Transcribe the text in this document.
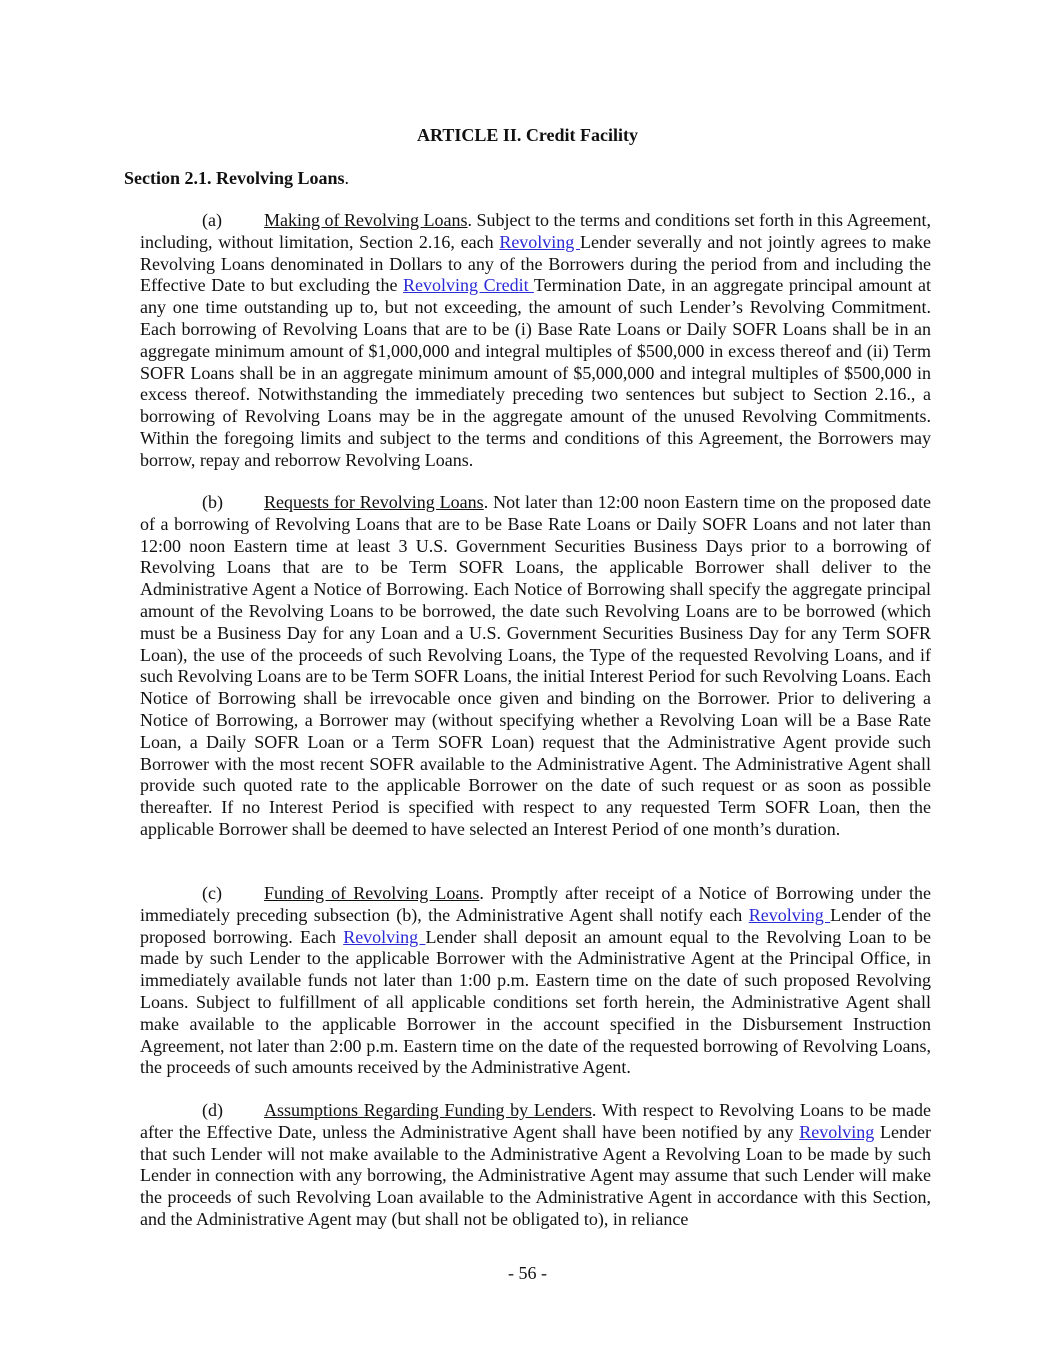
ARTICLE II. Credit Facility
Section 2.1. Revolving Loans.

(a) Making of Revolving Loans. Subject to the terms and conditions set forth in this Agreement, including, without limitation, Section 2.16, each Revolving Lender severally and not jointly agrees to make Revolving Loans denominated in Dollars to any of the Borrowers during the period from and including the Effective Date to but excluding the Revolving Credit Termination Date, in an aggregate principal amount at any one time outstanding up to, but not exceeding, the amount of such Lender’s Revolving Commitment. Each borrowing of Revolving Loans that are to be (i) Base Rate Loans or Daily SOFR Loans shall be in an aggregate minimum amount of $1,000,000 and integral multiples of $500,000 in excess thereof and (ii) Term SOFR Loans shall be in an aggregate minimum amount of $5,000,000 and integral multiples of $500,000 in excess thereof. Notwithstanding the immediately preceding two sentences but subject to Section 2.16., a borrowing of Revolving Loans may be in the aggregate amount of the unused Revolving Commitments. Within the foregoing limits and subject to the terms and conditions of this Agreement, the Borrowers may borrow, repay and reborrow Revolving Loans.

(b) Requests for Revolving Loans. Not later than 12:00 noon Eastern time on the proposed date of a borrowing of Revolving Loans that are to be Base Rate Loans or Daily SOFR Loans and not later than 12:00 noon Eastern time at least 3 U.S. Government Securities Business Days prior to a borrowing of Revolving Loans that are to be Term SOFR Loans, the applicable Borrower shall deliver to the Administrative Agent a Notice of Borrowing. Each Notice of Borrowing shall specify the aggregate principal amount of the Revolving Loans to be borrowed, the date such Revolving Loans are to be borrowed (which must be a Business Day for any Loan and a U.S. Government Securities Business Day for any Term SOFR Loan), the use of the proceeds of such Revolving Loans, the Type of the requested Revolving Loans, and if such Revolving Loans are to be Term SOFR Loans, the initial Interest Period for such Revolving Loans. Each Notice of Borrowing shall be irrevocable once given and binding on the Borrower. Prior to delivering a Notice of Borrowing, a Borrower may (without specifying whether a Revolving Loan will be a Base Rate Loan, a Daily SOFR Loan or a Term SOFR Loan) request that the Administrative Agent provide such Borrower with the most recent SOFR available to the Administrative Agent. The Administrative Agent shall provide such quoted rate to the applicable Borrower on the date of such request or as soon as possible thereafter. If no Interest Period is specified with respect to any requested Term SOFR Loan, then the applicable Borrower shall be deemed to have selected an Interest Period of one month’s duration.

(c) Funding of Revolving Loans. Promptly after receipt of a Notice of Borrowing under the immediately preceding subsection (b), the Administrative Agent shall notify each Revolving Lender of the proposed borrowing. Each Revolving Lender shall deposit an amount equal to the Revolving Loan to be made by such Lender to the applicable Borrower with the Administrative Agent at the Principal Office, in immediately available funds not later than 1:00 p.m. Eastern time on the date of such proposed Revolving Loans. Subject to fulfillment of all applicable conditions set forth herein, the Administrative Agent shall make available to the applicable Borrower in the account specified in the Disbursement Instruction Agreement, not later than 2:00 p.m. Eastern time on the date of the requested borrowing of Revolving Loans, the proceeds of such amounts received by the Administrative Agent.

(d) Assumptions Regarding Funding by Lenders. With respect to Revolving Loans to be made after the Effective Date, unless the Administrative Agent shall have been notified by any Revolving Lender that such Lender will not make available to the Administrative Agent a Revolving Loan to be made by such Lender in connection with any borrowing, the Administrative Agent may assume that such Lender will make the proceeds of such Revolving Loan available to the Administrative Agent in accordance with this Section, and the Administrative Agent may (but shall not be obligated to), in reliance

- 56 -
